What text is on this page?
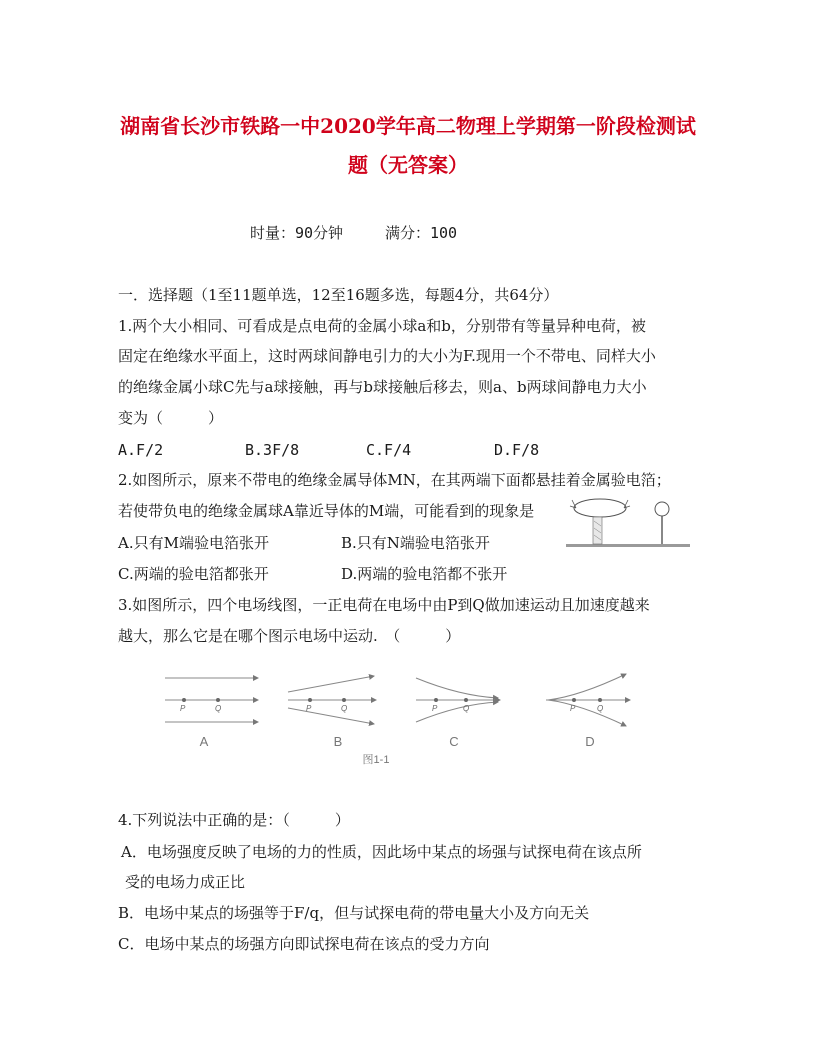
湖南省长沙市铁路一中2020学年高二物理上学期第一阶段检测试
题（无答案）
时量：90分钟	满分：100
一．选择题（1至11题单选，12至16题多选，每题4分，共64分）
1.两个大小相同、可看成是点电荷的金属小球a和b，分别带有等量异种电荷，被
固定在绝缘水平面上，这时两球间静电引力的大小为F.现用一个不带电、同样大小
的绝缘金属小球C先与a球接触，再与b球接触后移去，则a、b两球间静电力大小
变为（　　　）
A.F/2	B.3F/8	C.F/4	D.F/8
2.如图所示，原来不带电的绝缘金属导体MN，在其两端下面都悬挂着金属验电箔；
若使带负电的绝缘金属球A靠近导体的M端，可能看到的现象是
A.只有M端验电箔张开	B.只有N端验电箔张开
C.两端的验电箔都张开	D.两端的验电箔都不张开
3.如图所示，四个电场线图，一正电荷在电场中由P到Q做加速运动且加速度越来
越大，那么它是在哪个图示电场中运动.　（　　　）
P	Q	P	Q	P	Q	P	Q
A	B	C	D
图1-1
4.下列说法中正确的是：（　　　）
A．电场强度反映了电场的力的性质，因此场中某点的场强与试探电荷在该点所
受的电场力成正比
B．电场中某点的场强等于F/q，但与试探电荷的带电量大小及方向无关
C．电场中某点的场强方向即试探电荷在该点的受力方向
